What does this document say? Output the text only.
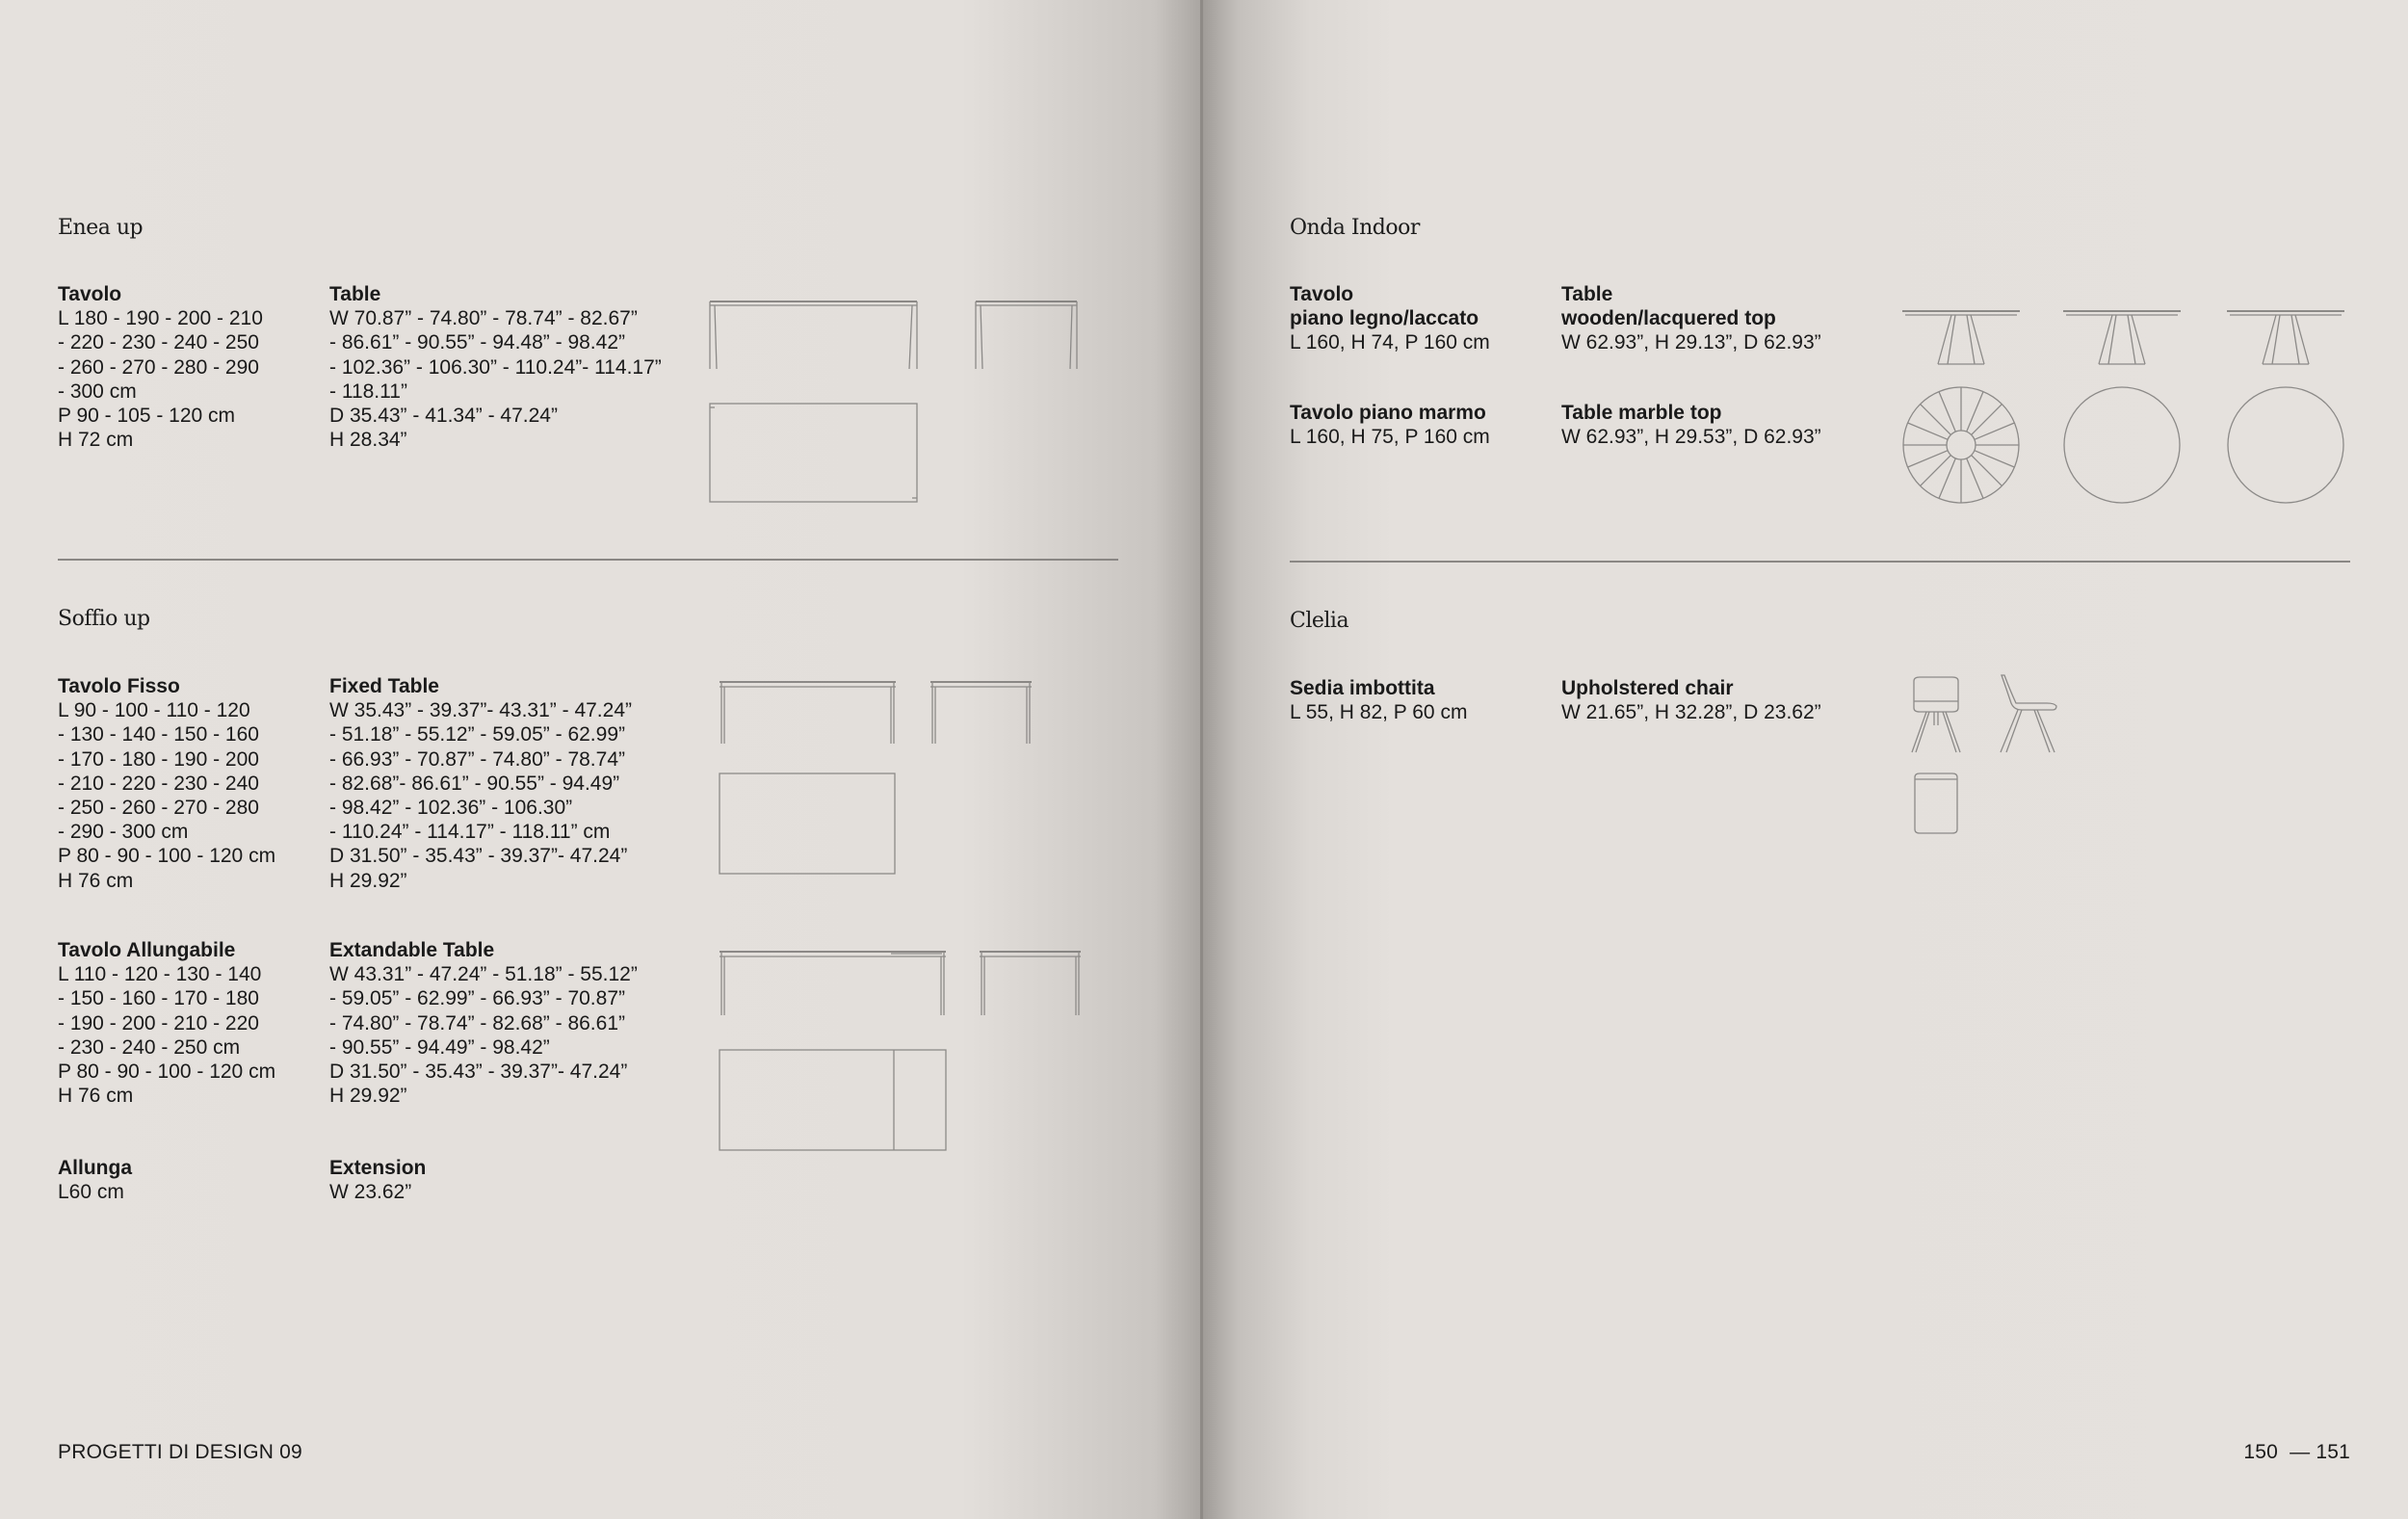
Enea up
Tavolo
L 180 - 190 - 200 - 210
- 220 - 230 - 240 - 250
- 260 - 270 - 280 - 290
- 300 cm
P 90 - 105 - 120 cm
H 72 cm
Table
W 70.87” - 74.80” - 78.74” - 82.67”
- 86.61” - 90.55” - 94.48” - 98.42”
- 102.36” - 106.30” - 110.24”- 114.17”
- 118.11”
D 35.43” - 41.34” - 47.24”
H 28.34”
Soffio up
Tavolo Fisso
L 90 - 100 - 110 - 120
- 130 - 140 - 150 - 160
- 170 - 180 - 190 - 200
- 210 - 220 - 230 - 240
- 250 - 260 - 270 - 280
- 290 - 300 cm
P 80 - 90 - 100 - 120 cm
H 76 cm
Fixed Table
W 35.43” - 39.37”- 43.31” - 47.24”
- 51.18” - 55.12” - 59.05” - 62.99”
- 66.93” - 70.87” - 74.80” - 78.74”
- 82.68”- 86.61” - 90.55” - 94.49”
- 98.42” - 102.36” - 106.30”
- 110.24” - 114.17” - 118.11” cm
D 31.50” - 35.43” - 39.37”- 47.24”
H 29.92”
Tavolo Allungabile
L 110 - 120 - 130 - 140
- 150 - 160 - 170 - 180
- 190 - 200 - 210 - 220
- 230 - 240 - 250 cm
P 80 - 90 - 100 - 120 cm
H 76 cm
Extandable Table
W 43.31” - 47.24” - 51.18” - 55.12”
- 59.05” - 62.99” - 66.93” - 70.87”
- 74.80” - 78.74” - 82.68” - 86.61”
- 90.55” - 94.49” - 98.42”
D 31.50” - 35.43” - 39.37”- 47.24”
H 29.92”
Allunga
L60 cm
Extension
W 23.62”
PROGETTI DI DESIGN 09
Onda Indoor
Tavolo
piano legno/laccato
L 160, H 74, P 160 cm
Table
wooden/lacquered top
W 62.93”, H 29.13”, D 62.93”
Tavolo piano marmo
L 160, H 75, P 160 cm
Table marble top
W 62.93”, H 29.53”, D 62.93”
Clelia
Sedia imbottita
L 55, H 82, P 60 cm
Upholstered chair
W 21.65”, H 32.28”, D 23.62”
150  — 151
